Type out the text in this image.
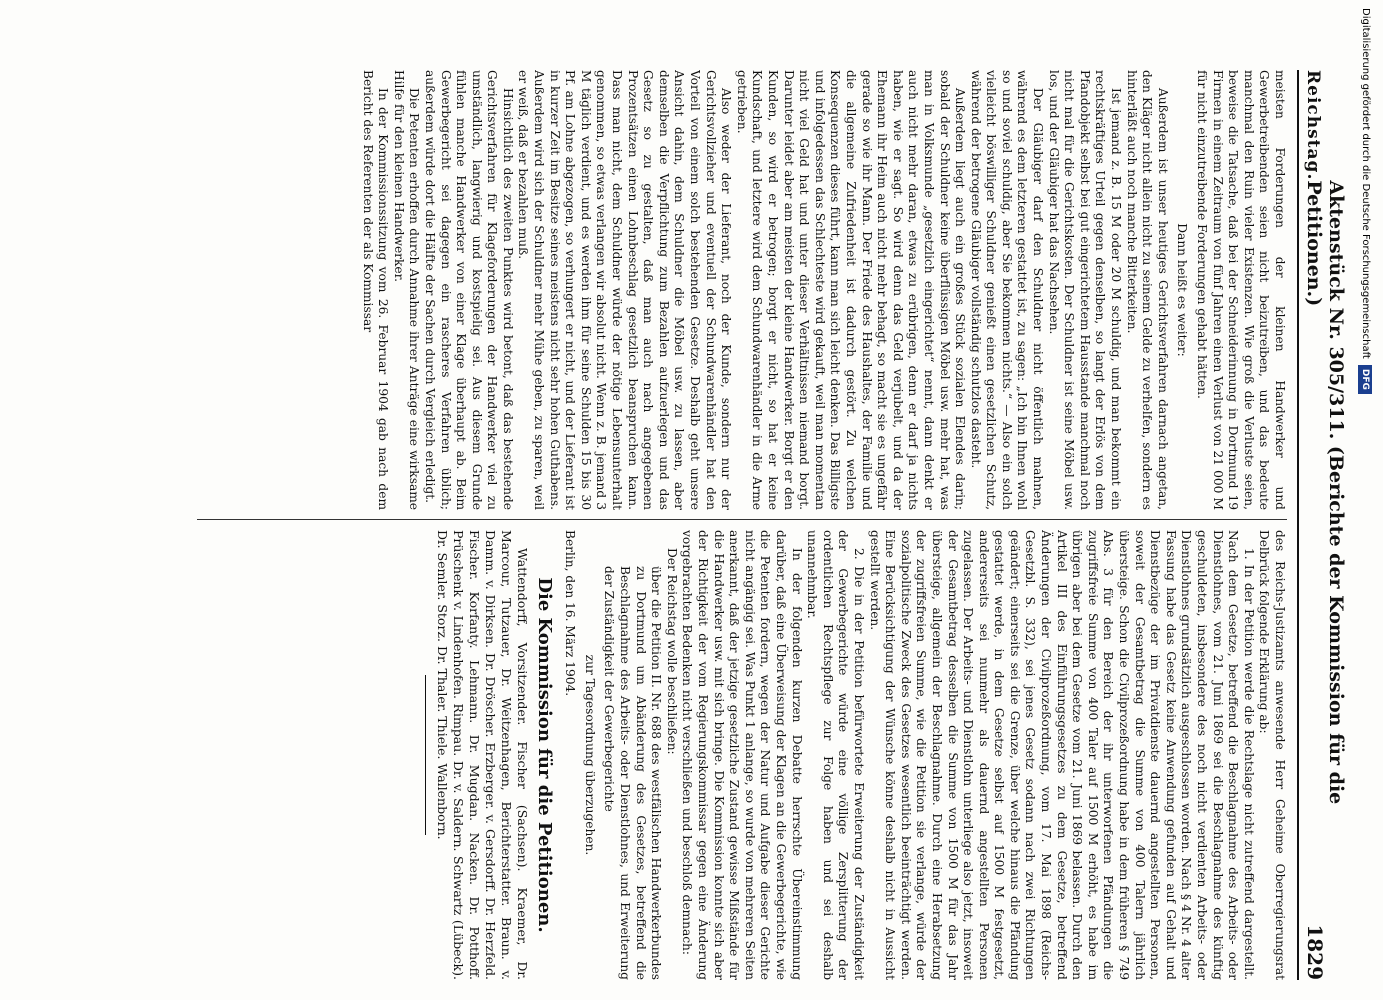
Reichstag.
Aktenstück Nr. 305/311. (Berichte der Kommission für die Petitionen.)
1829

meisten Forderungen der kleinen Handwerker und Gewerbetreibenden seien nicht beizutreiben, und das bedeute manchmal den Ruin vieler Existenzen. Wie groß die Verluste seien, beweise die Tatsache, daß bei der Schneiderinnung in Dortmund 19 Firmen in einem Zeitraum von fünf Jahren einen Verlust von 21 000 M für nicht einzutreibende Forderungen gehabt hätten.

Dann heißt es weiter:

Außerdem ist unser heutiges Gerichtsverfahren darnach angetan, den Kläger nicht allein nicht zu seinem Gelde zu verhelfen, sondern es hinterläßt auch noch manche Bitterkeiten.

Ist jemand z. B. 15 M oder 20 M schuldig, und man bekommt ein rechtskräftiges Urteil gegen denselben, so langt der Erlös von dem Pfandobjekt selbst bei gut eingerichtetem Hausstande manchmal noch nicht mal für die Gerichtskosten. Der Schuldner ist seine Möbel usw. los, und der Gläubiger hat das Nachsehen.

Der Gläubiger darf den Schuldner nicht öffentlich mahnen, während es dem letzteren gestattet ist, zu sagen: „Ich bin Ihnen wohl so und soviel schuldig, aber Sie bekommen nichts.“ — Also ein solch vielleicht böswilliger Schuldner genießt einen gesetzlichen Schutz, während der betrogene Gläubiger vollständig schutzlos dasteht.

Außerdem liegt auch ein großes Stück sozialen Elendes darin; sobald der Schuldner keine überflüssigen Möbel usw. mehr hat, was man in Volksmunde „gesetzlich eingerichtet“ nennt, dann denkt er auch nicht mehr daran, etwas zu erübrigen, denn er darf ja nichts haben, wie er sagt. So wird denn das Geld verjubelt, und da der Ehemann ihr Heim auch nicht mehr behagt, so macht sie es ungefähr gerade so wie ihr Mann. Der Friede des Haushaltes, der Familie und die allgemeine Zufriedenheit ist dadurch gestört. Zu welchen Konsequenzen dieses führt, kann man sich leicht denken. Das Billigste und infolgedessen das Schlechteste wird gekauft, weil man momentan nicht viel Geld hat und unter dieser Verhältnissen niemand borgt. Darunter leidet aber am meisten der kleine Handwerker. Borgt er den Kunden, so wird er betrogen; borgt er nicht, so hat er keine Kundschaft, und letztere wird dem Schundwarenhändler in die Arme getrieben.

Also weder der Lieferant, noch der Kunde, sondern nur der Gerichtsvollzieher und eventuell der Schundwarenhändler hat den Vorteil von einem solch bestehenden Gesetze. Deshalb geht unsere Ansicht dahin, dem Schuldner die Möbel usw. zu lassen, aber demselben die Verpflichtung zum Bezahlen aufzuerlegen und das Gesetz so zu gestalten, daß man auch nach angegebenen Prozentsätzen einen Lohnbeschlag gesetzlich beanspruchen kann. Dass man nicht, dem Schuldner würde der nötige Lebensunterhalt genommen, so etwas verlangen wir absolut nicht. Wenn z. B. jemand 3 M täglich verdient, und es werden ihm für seine Schulden 15 bis 30 Pf. am Lohne abgezogen, so verhungert er nicht, und der Lieferant ist in kurzer Zeit im Besitze seines meistens nicht sehr hohen Guthabens. Außerdem wird sich der Schuldner mehr Mühe geben, zu sparen, weil er weiß, daß er bezahlen muß.

Hinsichtlich des zweiten Punktes wird betont, daß das bestehende Gerichtsverfahren für Klageforderungen der Handwerker viel zu umständlich, langwierig und kostspielig sei. Aus diesem Grunde fühlen manche Handwerker von einer Klage überhaupt ab. Beim Gewerbegericht sei dagegen ein rascheres Verfahren üblich; außerdem würde dort die Hälfte der Sachen durch Vergleich erledigt.

Die Petenten erhoffen durch Annahme ihrer Anträge eine wirksame Hilfe für den kleinen Handwerker.

In der Kommissionssitzung vom 26. Februar 1904 gab nach dem Bericht des Referenten der als Kommissar

des Reichs-Justizamts anwesende Herr Geheime Oberregierungsrat Delbrück folgende Erklärung ab:

1. In der Petition werde die Rechtslage nicht zutreffend dargestellt. Nach dem Gesetze, betreffend die Beschlagnahme des Arbeits- oder Dienstlohnes, vom 21. Juni 1869 sei die Beschlagnahme des künftig geschuldeten, insbesondere des noch nicht verdienten Arbeits- oder Dienstlohnes grundsätzlich ausgeschlossen worden. Nach § 4 Nr. 4 alter Fassung habe das Gesetz keine Anwendung gefunden auf Gehalt und Dienstbezüge der im Privatdienste dauernd angestellten Personen, soweit der Gesamtbetrag die Summe von 400 Talern jährlich übersteige. Schon die Civilprozeßordnung habe in dem früheren § 749 Abs. 3 für den Bereich der ihr unterworfenen Pfändungen die zugriffsfreie Summe von 400 Taler auf 1500 M erhöht, es habe im übrigen aber bei dem Gesetze vom 21. Juni 1869 belassen. Durch den Artikel III des Einführungsgesetzes zu dem Gesetze, betreffend Änderungen der Civilprozeßordnung, vom 17. Mai 1898 (Reichs-Gesetzbl. S. 332), sei jenes Gesetz sodann nach zwei Richtungen geändert; einerseits sei die Grenze, über welche hinaus die Pfändung gestattet werde, in dem Gesetze selbst auf 1500 M festgesetzt, andererseits sei nunmehr als dauernd angestellten Personen zugelassen. Der Arbeits- und Dienstlohn unterliege also jetzt, insoweit der Gesamtbetrag desselben die Summe von 1500 M für das Jahr übersteige, allgemein der Beschlagnahme. Durch eine Herabsetzung der zugriffsfreien Summe, wie die Petition sie verlange, würde der sozialpolitische Zweck des Gesetzes wesentlich beeinträchtigt werden. Eine Berücksichtigung der Wünsche könne deshalb nicht in Aussicht gestellt werden.

2. Die in der Petition befürwortete Erweiterung der Zuständigkeit der Gewerbegerichte würde eine völlige Zersplitterung der ordentlichen Rechtspflege zur Folge haben und sei deshalb unannehmbar.

In der folgenden kurzen Debatte herrschte Übereinstimmung darüber, daß eine Überweisung der Klagen an die Gewerbegerichte, wie die Petenten fordern, wegen der Natur und Aufgabe dieser Gerichte nicht angängig sei. Was Punkt 1 anlange, so wurde von mehreren Seiten anerkannt, daß der jetzige gesetzliche Zustand gewisse Mißstände für die Handwerker usw. mit sich bringe. Die Kommission konnte sich aber der Richtigkeit der vom Regierungskommissar gegen eine Änderung vorgebrachten Bedenken nicht verschließen und beschloß demnach:

Der Reichstag wolle beschließen:

über die Petition II. Nr. 688 des westfälischen Handwerkerbundes zu Dortmund um Abänderung des Gesetzes, betreffend die Beschlagnahme des Arbeits- oder Dienstlohnes, und Erweiterung der Zuständigkeit der Gewerbegerichte

zur Tagesordnung überzugehen.

Berlin, den 16. März 1904.

Die Kommission für die Petitionen.

Wattendorff, Vorsitzender. Fischer (Sachsen). Kraemer, Dr. Marcour, Tutzauer, Dr. Weitzenhagen, Berichterstatter. Braun. v. Damm. v. Dirksen. Dr. Dröscher. Erzberger. v. Gersdorff. Dr. Herzfeld. Fischer. Korfanty. Lehmann. Dr. Mugdan. Nacken. Dr. Potthoff. Prüschenk v. Lindenhofen. Rimpau. Dr. v. Saldern. Schwartz (Lübeck). Dr. Semler. Storz. Dr. Thaler. Thiele. Wallenborn.

Digitalisierung gefördert durch die Deutsche Forschungsgemeinschaft
DFG
